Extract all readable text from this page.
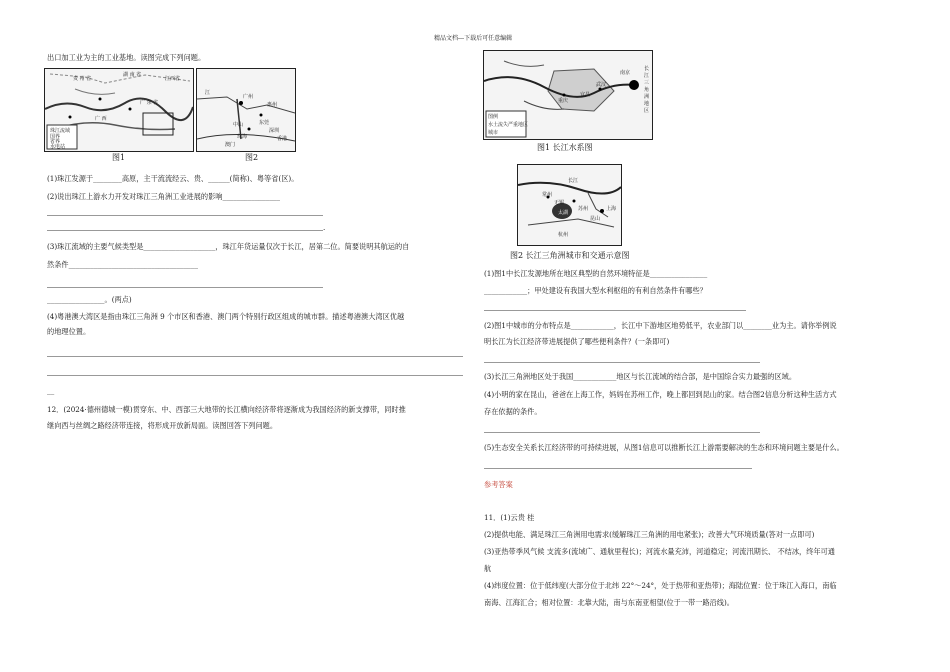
精品文档---下载后可任意编辑
出口加工业为主的工业基地。读图完成下列问题。
贵 州 省
湖 南 省
江西省
广 西
广 东 省
珠江流域
国界
省界
水电站
江
广州
惠州
东莞
深圳
香港
中山
珠海
澳门
图1	图2
(1)珠江发源于________高原，主干流流经云、贵、______(简称)、粤等省(区)。
(2)说出珠江上游水力开发对珠江三角洲工业进展的影响________________
.
(3)珠江流域的主要气候类型是____________________，珠江年货运量仅次于长江，居第二位。简要说明其航运的自
然条件____________________________________
________________。(两点)
(4)粤港澳大湾区是指由珠江三角洲 9 个市区和香港、澳门两个特别行政区组成的城市群。描述粤港澳大湾区优越
的地理位置。
__
12．(2024·德州德城一模)贯穿东、中、西部三大地带的长江横向经济带将逐渐成为我国经济的新支撑带，同时推
继向西与丝绸之路经济带连接，将形成开放新局面。读图回答下列问题。
南京
长江三角洲地区
武汉
重庆
宜昌
图例
水土流失严重地区
城市
图1 长江水系图
常州
无锡
苏州	上海
昆山
长江
杭州
太湖
图2 长江三角洲城市和交通示意图
(1)图1中长江发源地所在地区典型的自然环境特征是________________
____________；甲处建设有我国大型水利枢纽的有利自然条件有哪些？
(2)图1中城市的分布特点是____________，长江中下游地区地势低平，农业部门以________业为主。请你举例说
明长江为长江经济带进展提供了哪些便利条件？(一条即可)
(3)长江三角洲地区处于我国____________地区与长江流域的结合部，是中国综合实力最强的区域。
(4)小明的家在昆山，爸爸在上海工作，妈妈在苏州工作，晚上都回到昆山的家。结合图2信息分析这种生活方式
存在依据的条件。
(5)生态安全关系长江经济带的可持续进展，从图1信息可以推断长江上游需要解决的生态和环境问题主要是什么。
参考答案
11．(1)云贵 桂
(2)提供电能、满足珠江三角洲用电需求(缓解珠江三角洲的用电紧张)；改善大气环境质量(答对一点即可)
(3)亚热带季风气候 支流多(流域广、通航里程长)；河流水量充沛，河道稳定；河流汛期长、 不结冰，终年可通
航
(4)纬度位置：位于低纬度(大部分位于北纬 22°～24°，处于热带和亚热带)；海陆位置：位于珠江入海口，南临
南海、江海汇合；相对位置：北靠大陆，南与东南亚相望(位于一带一路沿线)。
